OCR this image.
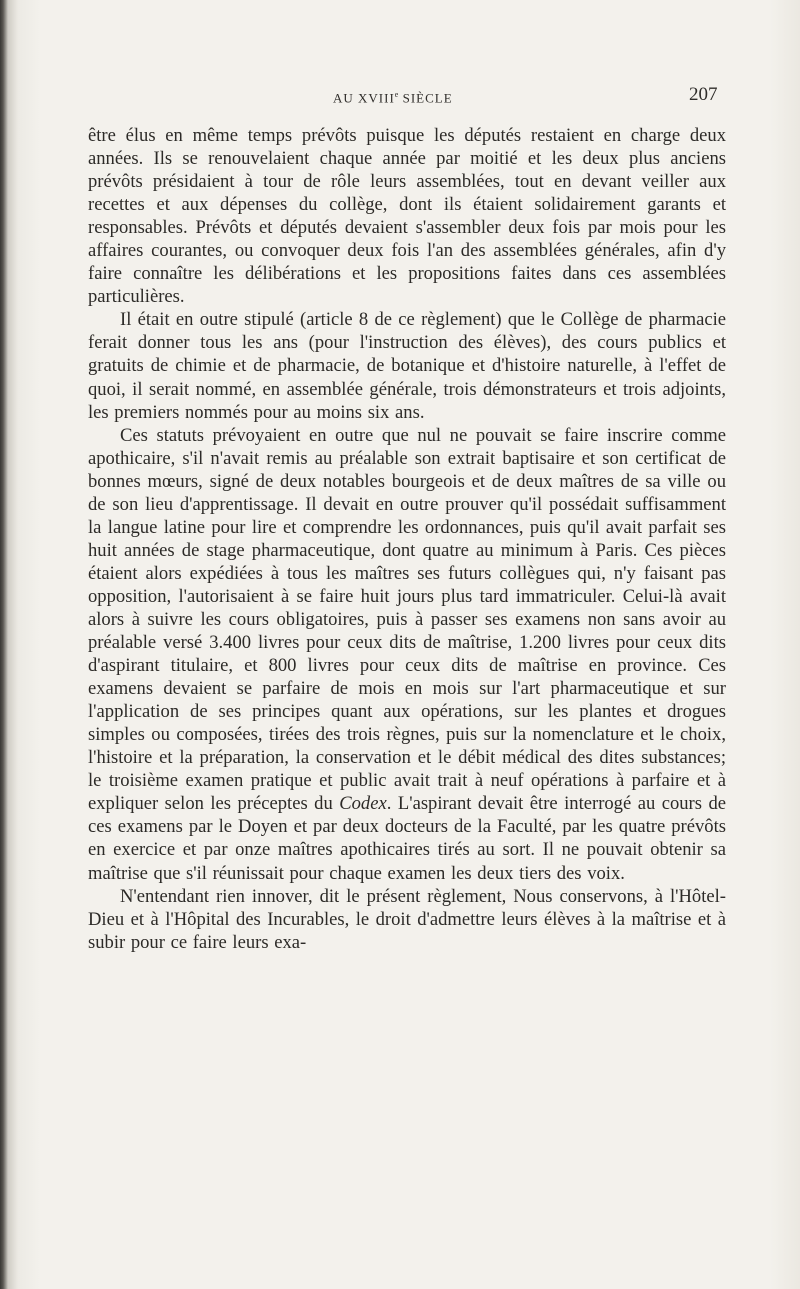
AU XVIIIe SIÈCLE	207

être élus en même temps prévôts puisque les députés restaient en charge deux années. Ils se renouvelaient chaque année par moitié et les deux plus anciens prévôts présidaient à tour de rôle leurs assemblées, tout en devant veiller aux recettes et aux dépenses du collège, dont ils étaient solidairement garants et responsables. Prévôts et députés devaient s'assembler deux fois par mois pour les affaires courantes, ou convoquer deux fois l'an des assemblées générales, afin d'y faire connaître les délibérations et les propositions faites dans ces assemblées particulières.

Il était en outre stipulé (article 8 de ce règlement) que le Collège de pharmacie ferait donner tous les ans (pour l'instruction des élèves), des cours publics et gratuits de chimie et de pharmacie, de botanique et d'histoire naturelle, à l'effet de quoi, il serait nommé, en assemblée générale, trois démonstrateurs et trois adjoints, les premiers nommés pour au moins six ans.

Ces statuts prévoyaient en outre que nul ne pouvait se faire inscrire comme apothicaire, s'il n'avait remis au préalable son extrait baptisaire et son certificat de bonnes mœurs, signé de deux notables bourgeois et de deux maîtres de sa ville ou de son lieu d'apprentissage. Il devait en outre prouver qu'il possédait suffisamment la langue latine pour lire et comprendre les ordonnances, puis qu'il avait parfait ses huit années de stage pharmaceutique, dont quatre au minimum à Paris. Ces pièces étaient alors expédiées à tous les maîtres ses futurs collègues qui, n'y faisant pas opposition, l'autorisaient à se faire huit jours plus tard immatriculer. Celui-là avait alors à suivre les cours obligatoires, puis à passer ses examens non sans avoir au préalable versé 3.400 livres pour ceux dits de maîtrise, 1.200 livres pour ceux dits d'aspirant titulaire, et 800 livres pour ceux dits de maîtrise en province. Ces examens devaient se parfaire de mois en mois sur l'art pharmaceutique et sur l'application de ses principes quant aux opérations, sur les plantes et drogues simples ou composées, tirées des trois règnes, puis sur la nomenclature et le choix, l'histoire et la préparation, la conservation et le débit médical des dites substances; le troisième examen pratique et public avait trait à neuf opérations à parfaire et à expliquer selon les préceptes du Codex. L'aspirant devait être interrogé au cours de ces examens par le Doyen et par deux docteurs de la Faculté, par les quatre prévôts en exercice et par onze maîtres apothicaires tirés au sort. Il ne pouvait obtenir sa maîtrise que s'il réunissait pour chaque examen les deux tiers des voix.

N'entendant rien innover, dit le présent règlement, Nous conservons, à l'Hôtel-Dieu et à l'Hôpital des Incurables, le droit d'admettre leurs élèves à la maîtrise et à subir pour ce faire leurs exa-
